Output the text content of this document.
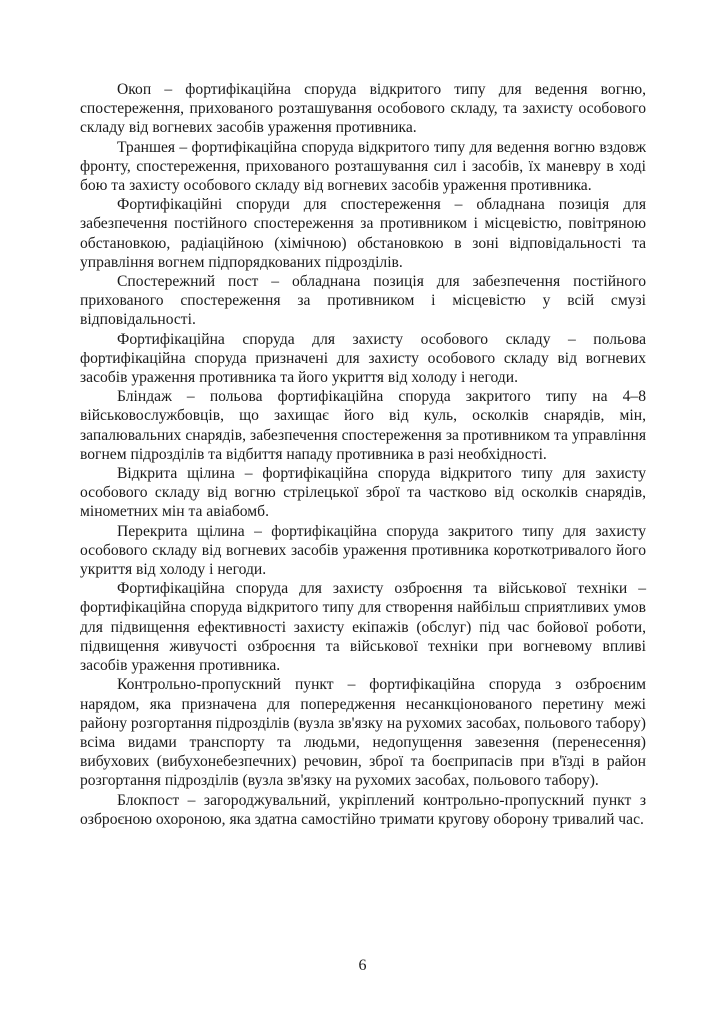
Окоп – фортифікаційна споруда відкритого типу для ведення вогню, спостереження, прихованого розташування особового складу, та захисту особового складу від вогневих засобів ураження противника.

Траншея – фортифікаційна споруда відкритого типу для ведення вогню вздовж фронту, спостереження, прихованого розташування сил і засобів, їх маневру в ході бою та захисту особового складу від вогневих засобів ураження противника.

Фортифікаційні споруди для спостереження – обладнана позиція для забезпечення постійного спостереження за противником і місцевістю, повітряною обстановкою, радіаційною (хімічною) обстановкою в зоні відповідальності та управління вогнем підпорядкованих підрозділів.

Спостережний пост – обладнана позиція для забезпечення постійного прихованого спостереження за противником і місцевістю у всій смузі відповідальності.

Фортифікаційна споруда для захисту особового складу – польова фортифікаційна споруда призначені для захисту особового складу від вогневих засобів ураження противника та його укриття від холоду і негоди.

Бліндаж – польова фортифікаційна споруда закритого типу на 4–8 військовослужбовців, що захищає його від куль, осколків снарядів, мін, запалювальних снарядів, забезпечення спостереження за противником та управління вогнем підрозділів та відбиття нападу противника в разі необхідності.

Відкрита щілина – фортифікаційна споруда відкритого типу для захисту особового складу від вогню стрілецької зброї та частково від осколків снарядів, мінометних мін та авіабомб.

Перекрита щілина – фортифікаційна споруда закритого типу для захисту особового складу від вогневих засобів ураження противника короткотривалого його укриття від холоду і негоди.

Фортифікаційна споруда для захисту озброєння та військової техніки – фортифікаційна споруда відкритого типу для створення найбільш сприятливих умов для підвищення ефективності захисту екіпажів (обслуг) під час бойової роботи, підвищення живучості озброєння та військової техніки при вогневому впливі засобів ураження противника.

Контрольно-пропускний пункт – фортифікаційна споруда з озброєним нарядом, яка призначена для попередження несанкціонованого перетину межі району розгортання підрозділів (вузла зв'язку на рухомих засобах, польового табору) всіма видами транспорту та людьми, недопущення завезення (перенесення) вибухових (вибухонебезпечних) речовин, зброї та боєприпасів при в'їзді в район розгортання підрозділів (вузла зв'язку на рухомих засобах, польового табору).

Блокпост – загороджувальний, укріплений контрольно-пропускний пункт з озброєною охороною, яка здатна самостійно тримати кругову оборону тривалий час.

6
